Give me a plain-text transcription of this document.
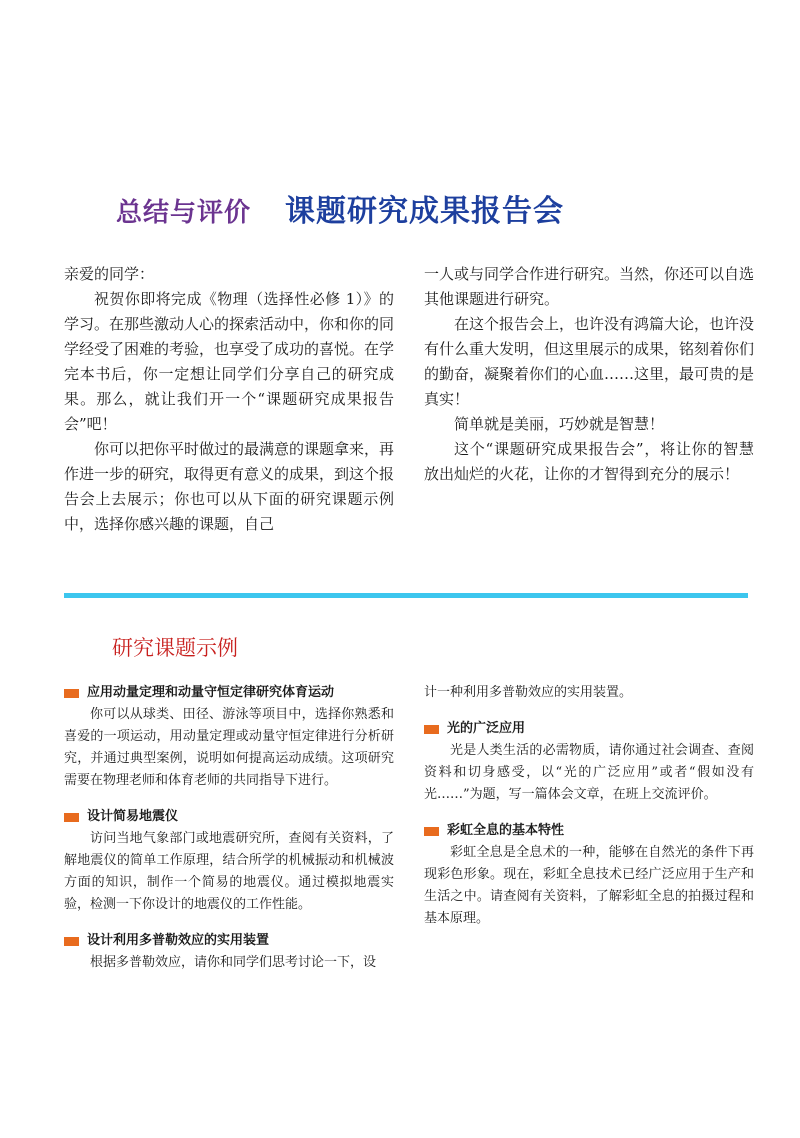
总结与评价 课题研究成果报告会

亲爱的同学：

祝贺你即将完成《物理（选择性必修 1）》的学习。在那些激动人心的探索活动中，你和你的同学经受了困难的考验，也享受了成功的喜悦。在学完本书后，你一定想让同学们分享自己的研究成果。那么，就让我们开一个“课题研究成果报告会”吧！

你可以把你平时做过的最满意的课题拿来，再作进一步的研究，取得更有意义的成果，到这个报告会上去展示；你也可以从下面的研究课题示例中，选择你感兴趣的课题，自己

一人或与同学合作进行研究。当然，你还可以自选其他课题进行研究。

在这个报告会上，也许没有鸿篇大论，也许没有什么重大发明，但这里展示的成果，铭刻着你们的勤奋，凝聚着你们的心血……这里，最可贵的是真实！

简单就是美丽，巧妙就是智慧！

这个“课题研究成果报告会”，将让你的智慧放出灿烂的火花，让你的才智得到充分的展示！

研究课题示例
应用动量定理和动量守恒定律研究体育运动

你可以从球类、田径、游泳等项目中，选择你熟悉和喜爱的一项运动，用动量定理或动量守恒定律进行分析研究，并通过典型案例，说明如何提高运动成绩。这项研究需要在物理老师和体育老师的共同指导下进行。

设计简易地震仪

访问当地气象部门或地震研究所，查阅有关资料，了解地震仪的简单工作原理，结合所学的机械振动和机械波方面的知识，制作一个简易的地震仪。通过模拟地震实验，检测一下你设计的地震仪的工作性能。

设计利用多普勒效应的实用装置

根据多普勒效应，请你和同学们思考讨论一下，设

计一种利用多普勒效应的实用装置。

光的广泛应用

光是人类生活的必需物质，请你通过社会调查、查阅资料和切身感受，以“光的广泛应用”或者“假如没有光……”为题，写一篇体会文章，在班上交流评价。

彩虹全息的基本特性

彩虹全息是全息术的一种，能够在自然光的条件下再现彩色形象。现在，彩虹全息技术已经广泛应用于生产和生活之中。请查阅有关资料，了解彩虹全息的拍摄过程和基本原理。
